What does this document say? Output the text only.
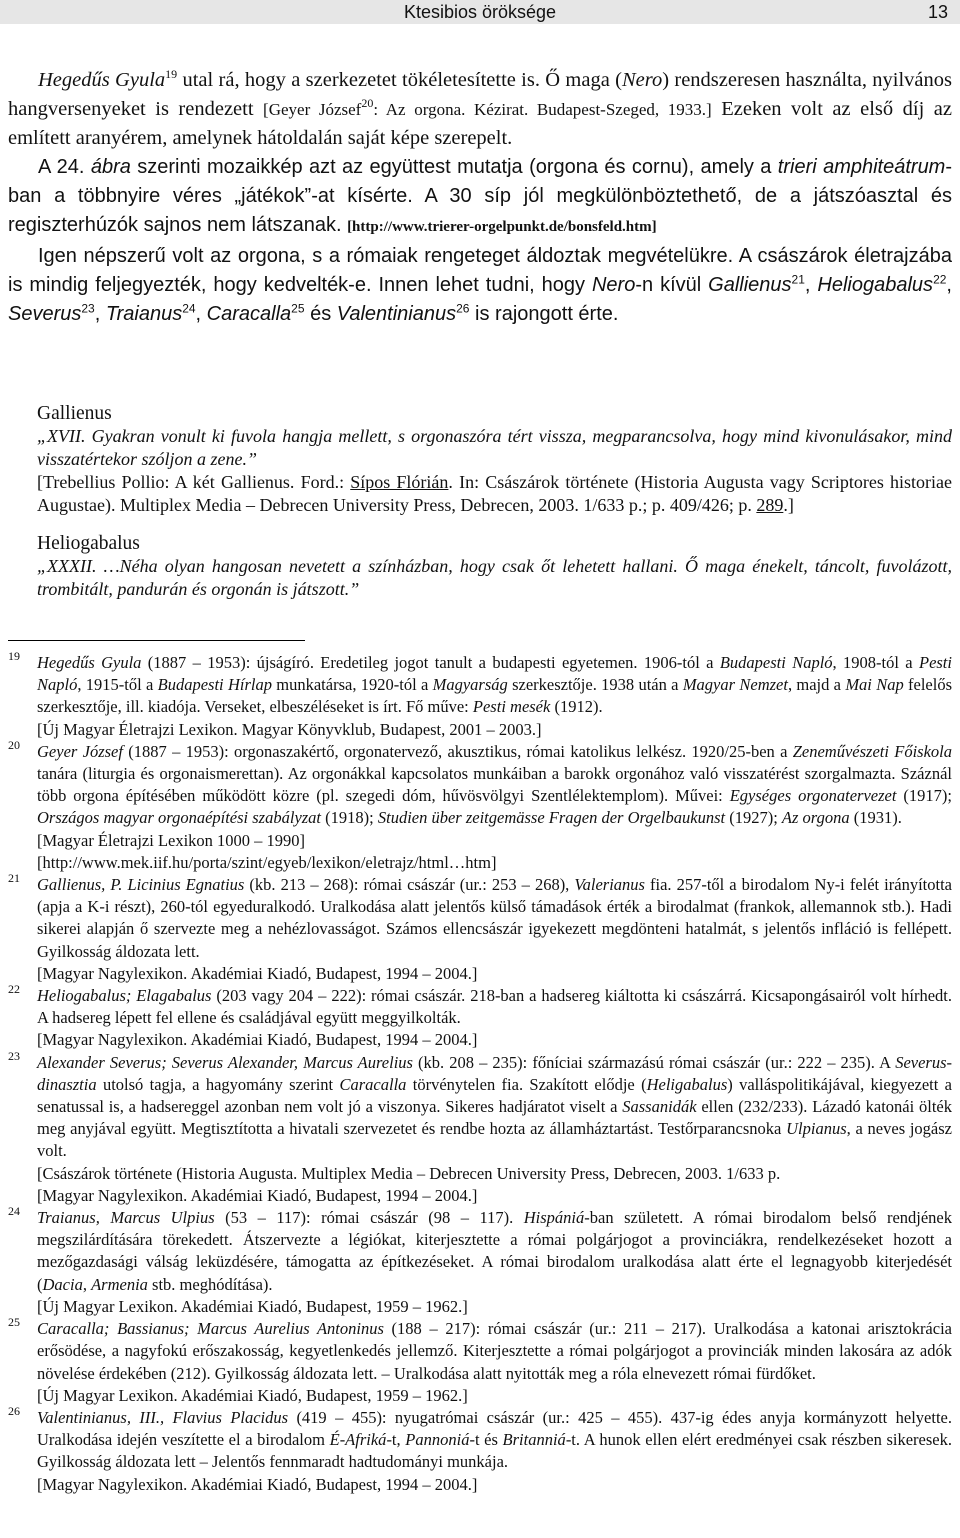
Ktesibios öröksége	13

Hegedűs Gyula$^{19}$ utal rá, hogy a szerkezetet tökéletesítette is. Ő maga (Nero) rendszeresen használta, nyilvános hangversenyeket is rendezett [Geyer József$^{20}$: Az orgona. Kézirat. Budapest-Szeged, 1933.] Ezeken volt az első díj az említett aranyérem, amelynek hátoldalán saját képe szerepelt.

A 24. ábra szerinti mozaikkép azt az együttest mutatja (orgona és cornu), amely a trieri amphiteátrum-ban a többnyire véres „játékok”-at kísérte. A 30 síp jól megkülönböztethető, de a játszóasztal és regiszterhúzók sajnos nem látszanak. [http://www.trierer-orgelpunkt.de/bonsfeld.htm]

Igen népszerű volt az orgona, s a rómaiak rengeteget áldoztak megvételükre. A császárok életrajzába is mindig feljegyezték, hogy kedvelték-e. Innen lehet tudni, hogy Nero-n kívül Gallienus$^{21}$, Heliogabalus$^{22}$, Severus$^{23}$, Traianus$^{24}$, Caracalla$^{25}$ és Valentinianus$^{26}$ is rajongott érte.

Gallienus
„XVII. Gyakran vonult ki fuvola hangja mellett, s orgonaszóra tért vissza, megparancsolva, hogy mind kivonulásakor, mind visszatértekor szóljon a zene.”
[Trebellius Pollio: A két Gallienus. Ford.: Sípos Flórián. In: Császárok története (Historia Augusta vagy Scriptores historiae Augustae). Multiplex Media – Debrecen University Press, Debrecen, 2003. 1/633 p.; p. 409/426; p. 289.]
Heliogabalus
„XXXII. …Néha olyan hangosan nevetett a színházban, hogy csak őt lehetett hallani. Ő maga énekelt, táncolt, fuvolázott, trombitált, pandurán és orgonán is játszott.”
19 Hegedűs Gyula (1887 – 1953): újságíró. Eredetileg jogot tanult a budapesti egyetemen. 1906-tól a Budapesti Napló, 1908-tól a Pesti Napló, 1915-től a Budapesti Hírlap munkatársa, 1920-tól a Magyarság szerkesztője. 1938 után a Magyar Nemzet, majd a Mai Nap felelős szerkesztője, ill. kiadója. Verseket, elbeszéléseket is írt. Fő műve: Pesti mesék (1912).
[Új Magyar Életrajzi Lexikon. Magyar Könyvklub, Budapest, 2001 – 2003.]
20 Geyer József (1887 – 1953): orgonaszakértő, orgonatervező, akusztikus, római katolikus lelkész. 1920/25-ben a Zeneművészeti Főiskola tanára (liturgia és orgonaismerettan). Az orgonákkal kapcsolatos munkáiban a barokk orgonához való visszatérést szorgalmazta. Száznál több orgona építésében működött közre (pl. szegedi dóm, hűvösvölgyi Szentlélektemplom). Művei: Egységes orgonatervezet (1917); Országos magyar orgonaépítési szabályzat (1918); Studien über zeitgemässe Fragen der Orgelbaukunst (1927); Az orgona (1931).
[Magyar Életrajzi Lexikon 1000 – 1990]
[http://www.mek.iif.hu/porta/szint/egyeb/lexikon/eletrajz/html…htm]
21 Gallienus, P. Licinius Egnatius (kb. 213 – 268): római császár (ur.: 253 – 268), Valerianus fia. 257-től a birodalom Ny-i felét irányította (apja a K-i részt), 260-tól egyeduralkodó. Uralkodása alatt jelentős külső támadások érték a birodalmat (frankok, allemannok stb.). Hadi sikerei alapján ő szervezte meg a nehézlovasságot. Számos ellencsászár igyekezett megdönteni hatalmát, s jelentős infláció is fellépett. Gyilkosság áldozata lett.
[Magyar Nagylexikon. Akadémiai Kiadó, Budapest, 1994 – 2004.]
22 Heliogabalus; Elagabalus (203 vagy 204 – 222): római császár. 218-ban a hadsereg kiáltotta ki császárrá. Kicsapongásairól volt hírhedt. A hadsereg lépett fel ellene és családjával együtt meggyilkolták.
[Magyar Nagylexikon. Akadémiai Kiadó, Budapest, 1994 – 2004.]
23 Alexander Severus; Severus Alexander, Marcus Aurelius (kb. 208 – 235): főníciai származású római császár (ur.: 222 – 235). A Severus-dinasztia utolsó tagja, a hagyomány szerint Caracalla törvénytelen fia. Szakított elődje (Heligabalus) valláspolitikájával, kiegyezett a senatussal is, a hadsereggel azonban nem volt jó a viszonya. Sikeres hadjáratot viselt a Sassanidák ellen (232/233). Lázadó katonái ölték meg anyjával együtt. Megtisztította a hivatali szervezetet és rendbe hozta az államháztartást. Testőrparancsnoka Ulpianus, a neves jogász volt.
[Császárok története (Historia Augusta. Multiplex Media – Debrecen University Press, Debrecen, 2003. 1/633 p.
[Magyar Nagylexikon. Akadémiai Kiadó, Budapest, 1994 – 2004.]
24 Traianus, Marcus Ulpius (53 – 117): római császár (98 – 117). Hispániá-ban született. A római birodalom belső rendjének megszilárdítására törekedett. Átszervezte a légiókat, kiterjesztette a római polgárjogot a provinciákra, rendelkezéseket hozott a mezőgazdasági válság leküzdésére, támogatta az építkezéseket. A római birodalom uralkodása alatt érte el legnagyobb kiterjedését (Dacia, Armenia stb. meghódítása).
[Új Magyar Lexikon. Akadémiai Kiadó, Budapest, 1959 – 1962.]
25 Caracalla; Bassianus; Marcus Aurelius Antoninus (188 – 217): római császár (ur.: 211 – 217). Uralkodása a katonai arisztokrácia erősödése, a nagyfokú erőszakosság, kegyetlenkedés jellemző. Kiterjesztette a római polgárjogot a provinciák minden lakosára az adók növelése érdekében (212). Gyilkosság áldozata lett. – Uralkodása alatt nyitották meg a róla elnevezett római fürdőket.
[Új Magyar Lexikon. Akadémiai Kiadó, Budapest, 1959 – 1962.]
26 Valentinianus, III., Flavius Placidus (419 – 455): nyugatrómai császár (ur.: 425 – 455). 437-ig édes anyja kormányzott helyette. Uralkodása idején veszítette el a birodalom É-Afriká-t, Pannoniá-t és Britanniá-t. A hunok ellen elért eredményei csak részben sikeresek. Gyilkosság áldozata lett – Jelentős fennmaradt hadtudományi munkája.
[Magyar Nagylexikon. Akadémiai Kiadó, Budapest, 1994 – 2004.]
